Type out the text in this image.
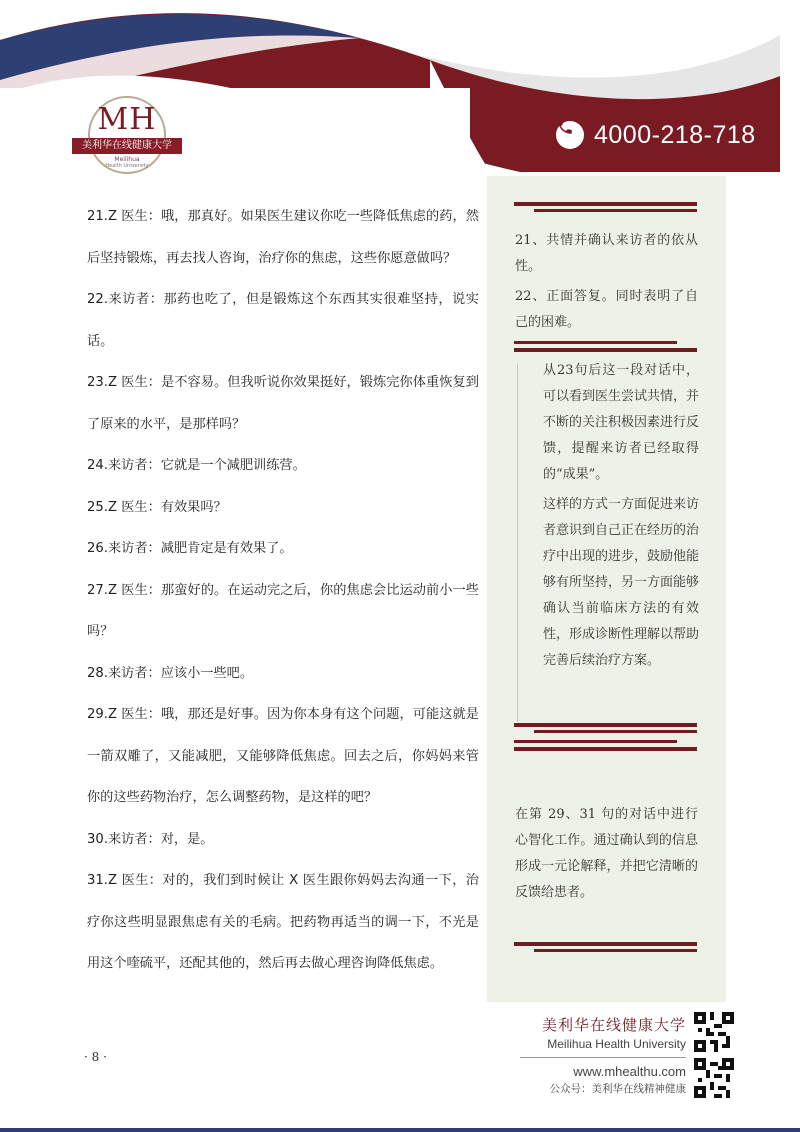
MH
美利华在线健康大学
Meilihua
Health University
4000-218-718

21.Z 医生：哦，那真好。如果医生建议你吃一些降低焦虑的药，然后坚持锻炼，再去找人咨询，治疗你的焦虑，这些你愿意做吗？

22.来访者：那药也吃了，但是锻炼这个东西其实很难坚持，说实话。

23.Z 医生：是不容易。但我听说你效果挺好，锻炼完你体重恢复到了原来的水平，是那样吗？

24.来访者：它就是一个减肥训练营。

25.Z 医生：有效果吗？

26.来访者：减肥肯定是有效果了。

27.Z 医生：那蛮好的。在运动完之后，你的焦虑会比运动前小一些吗？

28.来访者：应该小一些吧。

29.Z 医生：哦，那还是好事。因为你本身有这个问题，可能这就是一箭双雕了，又能减肥，又能够降低焦虑。回去之后，你妈妈来管你的这些药物治疗，怎么调整药物，是这样的吧？

30.来访者：对，是。

31.Z 医生：对的，我们到时候让 X 医生跟你妈妈去沟通一下，治疗你这些明显跟焦虑有关的毛病。把药物再适当的调一下，不光是用这个喹硫平，还配其他的，然后再去做心理咨询降低焦虑。

21、共情并确认来访者的依从性。

22、正面答复。同时表明了自己的困难。

从23句后这一段对话中，可以看到医生尝试共情，并不断的关注积极因素进行反馈，提醒来访者已经取得的“成果”。

这样的方式一方面促进来访者意识到自己正在经历的治疗中出现的进步，鼓励他能够有所坚持，另一方面能够确认当前临床方法的有效性，形成诊断性理解以帮助完善后续治疗方案。

在第 29、31 句的对话中进行心智化工作。通过确认到的信息形成一元论解释，并把它清晰的反馈给患者。

· 8 ·
美利华在线健康大学
Meilihua Health University
www.mhealthu.com
公众号：美利华在线精神健康
